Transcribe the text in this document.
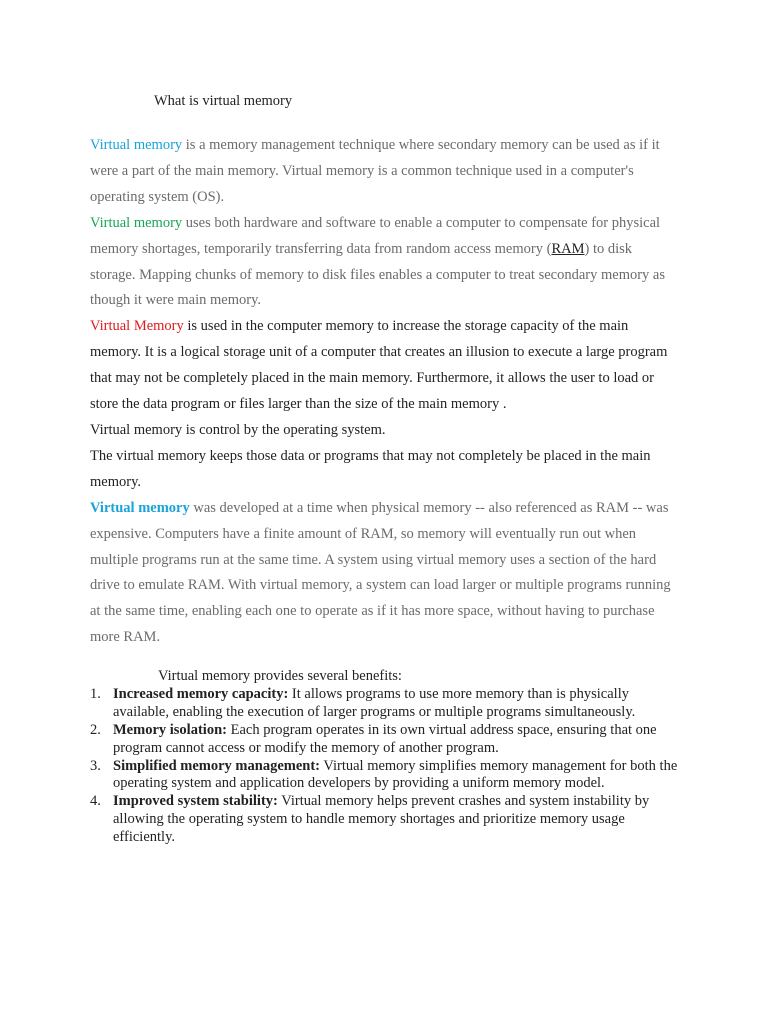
What is virtual memory

Virtual memory is a memory management technique where secondary memory can be used as if it were a part of the main memory. Virtual memory is a common technique used in a computer's operating system (OS).

Virtual memory uses both hardware and software to enable a computer to compensate for physical memory shortages, temporarily transferring data from random access memory (RAM) to disk storage. Mapping chunks of memory to disk files enables a computer to treat secondary memory as though it were main memory.

Virtual Memory is used in the computer memory to increase the storage capacity of the main memory. It is a logical storage unit of a computer that creates an illusion to execute a large program that may not be completely placed in the main memory. Furthermore, it allows the user to load or store the data program or files larger than the size of the main memory .

Virtual memory is control by the operating system.

The virtual memory keeps those data or programs that may not completely be placed in the main memory.

Virtual memory was developed at a time when physical memory -- also referenced as RAM -- was expensive. Computers have a finite amount of RAM, so memory will eventually run out when multiple programs run at the same time. A system using virtual memory uses a section of the hard drive to emulate RAM. With virtual memory, a system can load larger or multiple programs running at the same time, enabling each one to operate as if it has more space, without having to purchase more RAM.

Virtual memory provides several benefits:

1. Increased memory capacity: It allows programs to use more memory than is physically available, enabling the execution of larger programs or multiple programs simultaneously.
2. Memory isolation: Each program operates in its own virtual address space, ensuring that one program cannot access or modify the memory of another program.
3. Simplified memory management: Virtual memory simplifies memory management for both the operating system and application developers by providing a uniform memory model.
4. Improved system stability: Virtual memory helps prevent crashes and system instability by allowing the operating system to handle memory shortages and prioritize memory usage efficiently.
